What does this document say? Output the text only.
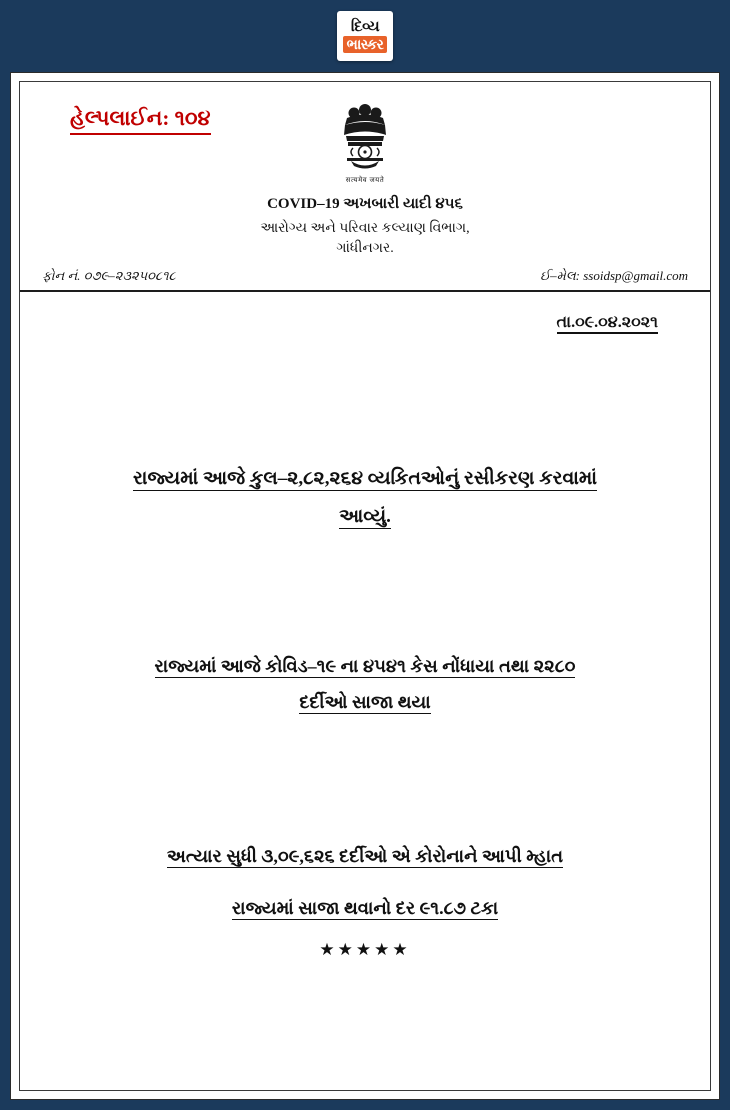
દિવ્ય
ભાસ્કર
હેલ્પલાઈન: ૧૦૪
सत्यमेव जयते
COVID–19 અખબારી યાદી ૪૫૬
આરોગ્ય અને પરિવાર કલ્યાણ વિભાગ,
ગાંધીનગર.
ફોન નં. ૦૭૯–૨૩૨૫૦૮૧૮	ઈ–મેલ: ssoidsp@gmail.com
તા.૦૯.૦૪.૨૦૨૧
રાજ્યમાં આજે કુલ–૨,૮૨,૨૬૪ વ્યકિતઓનું રસીકરણ કરવામાં
આવ્યું.
રાજ્યમાં આજે કોવિડ–૧૯ ના ૪૫૪૧ કેસ નોંધાયા તથા ૨૨૮૦
દર્દીઓ સાજા થયા
અત્યાર સુધી ૩,૦૯,૬૨૬ દર્દીઓ એ કોરોનાને આપી મ્હાત
રાજ્યમાં સાજા થવાનો દર ૯૧.૮૭ ટકા
★★★★★
